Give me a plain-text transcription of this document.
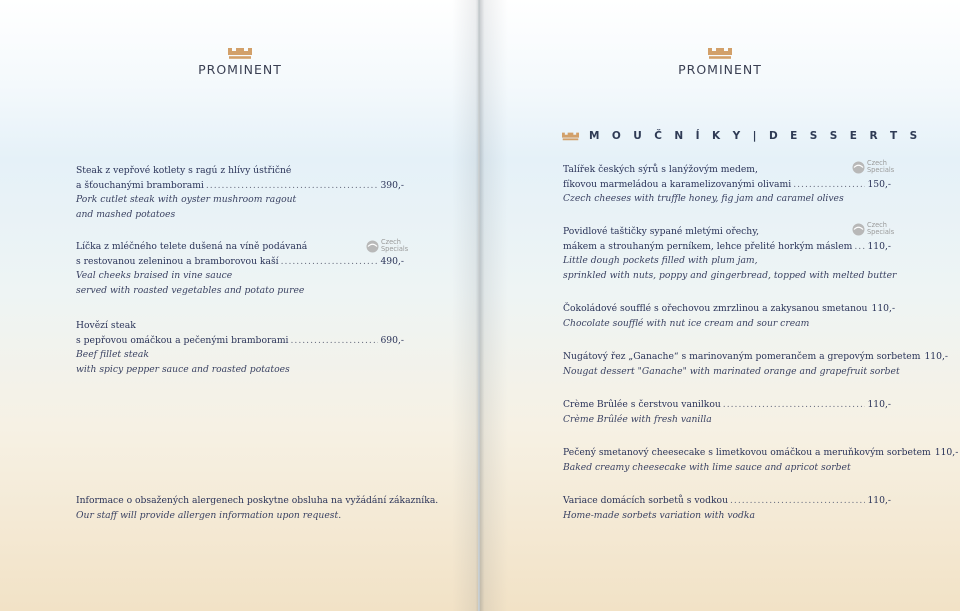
PROMINENT
Steak z vepřové kotlety s ragú z hlívy ústřičné
a šťouchanými bramborami .....	390,-
Pork cutlet steak with oyster mushroom ragout
and mashed potatoes
Czech
Specials
Líčka z mléčného telete dušená na víně podávaná
s restovanou zeleninou a bramborovou kaší .....	490,-
Veal cheeks braised in vine sauce
served with roasted vegetables and potato puree
Hovězí steak
s pepřovou omáčkou a pečenými bramborami .....	690,-
Beef fillet steak
with spicy pepper sauce and roasted potatoes
Informace o obsažených alergenech poskytne obsluha na vyžádání zákazníka.
Our staff will provide allergen information upon request.
PROMINENT
M O U Č N Í K Y | D E S S E R T S
Czech
Specials
Talířek českých sýrů s lanýžovým medem,
fíkovou marmeládou a karamelizovanými olivami .....	150,-
Czech cheeses with truffle honey, fig jam and caramel olives
Czech
Specials
Povidlové taštičky sypané mletými ořechy,
mákem a strouhaným perníkem, lehce přelité horkým máslem ..... 110,-
Little dough pockets filled with plum jam,
sprinkled with nuts, poppy and gingerbread, topped with melted butter
Čokoládové soufflé s ořechovou zmrzlinou a zakysanou smetanou 110,-
Chocolate soufflé with nut ice cream and sour cream
Nugátový řez „Ganache“ s marinovaným pomerančem a grepovým sorbetem 110,-
Nougat dessert "Ganache" with marinated orange and grapefruit sorbet
Crème Brûlée s čerstvou vanilkou .....	110,-
Crème Brûlée with fresh vanilla
Pečený smetanový cheesecake s limetkovou omáčkou a meruňkovým sorbetem 110,-
Baked creamy cheesecake with lime sauce and apricot sorbet
Variace domácích sorbetů s vodkou .....	110,-
Home-made sorbets variation with vodka
